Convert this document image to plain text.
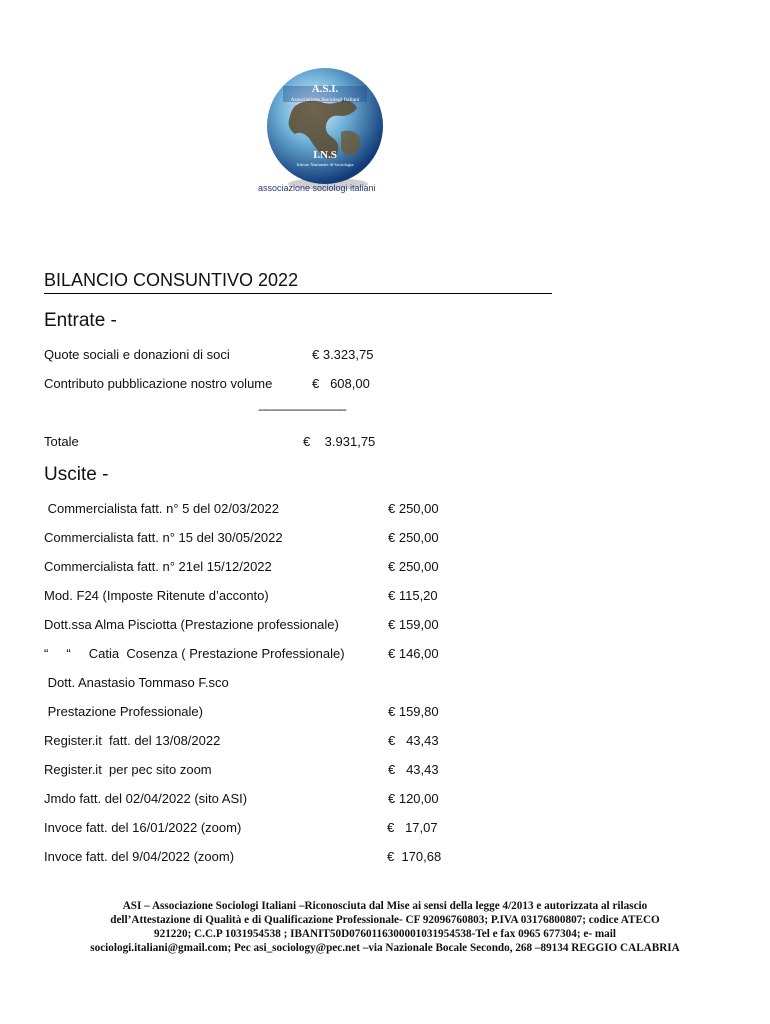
A.S.I.
Associazione Sociologi Italiani
I.N.S
Istituto Nazionale di Sociologia
associazione sociologi italiani
BILANCIO CONSUNTIVO 2022
Entrate -
Quote sociali e donazioni di soci	€ 3.323,75
Contributo pubblicazione nostro volume	€   608,00
---------------------------------
Totale	€    3.931,75
Uscite -
Commercialista fatt. n° 5 del 02/03/2022	€ 250,00
Commercialista fatt. n° 15 del 30/05/2022	€ 250,00
Commercialista fatt. n° 21el 15/12/2022	€ 250,00
Mod. F24 (Imposte Ritenute d’acconto)	€ 115,20
Dott.ssa Alma Pisciotta (Prestazione professionale)	€ 159,00
“     “     Catia  Cosenza ( Prestazione Professionale)	€ 146,00
Dott. Anastasio Tommaso F.sco
Prestazione Professionale)	€ 159,80
Register.it  fatt. del 13/08/2022	€   43,43
Register.it  per pec sito zoom	€   43,43
Jmdo fatt. del 02/04/2022 (sito ASI)	€ 120,00
Invoce fatt. del 16/01/2022 (zoom)	€   17,07
Invoce fatt. del 9/04/2022 (zoom)	€  170,68
ASI – Associazione Sociologi Italiani –Riconosciuta dal Mise ai sensi della legge 4/2013 e autorizzata al rilascio
dell’Attestazione di Qualità e di Qualificazione Professionale- CF 92096760803; P.IVA 03176800807; codice ATECO
921220; C.C.P 1031954538 ; IBANIT50D0760116300001031954538-Tel e fax 0965 677304; e- mail
sociologi.italiani@gmail.com; Pec asi_sociology@pec.net –via Nazionale Bocale Secondo, 268 –89134 REGGIO CALABRIA
